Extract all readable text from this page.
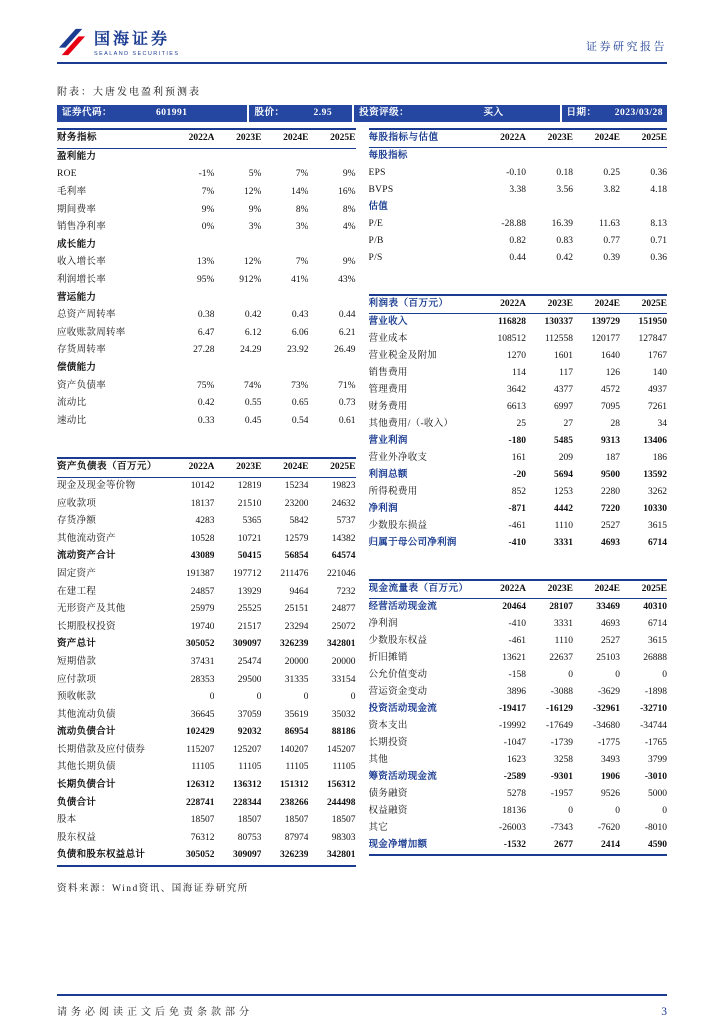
国海证券
SEALAND SECURITIES
证券研究报告
附表：大唐发电盈利预测表
证券代码：	601991	股价：	2.95	投资评级：	买入	日期： 2023/03/28
财务指标	2022A	2023E	2024E	2025E
盈利能力				
ROE	-1%	5%	7%	9%
毛利率	7%	12%	14%	16%
期间费率	9%	9%	8%	8%
销售净利率	0%	3%	3%	4%
成长能力				
收入增长率	13%	12%	7%	9%
利润增长率	95%	912%	41%	43%
营运能力				
总资产周转率	0.38	0.42	0.43	0.44
应收账款周转率	6.47	6.12	6.06	6.21
存货周转率	27.28	24.29	23.92	26.49
偿债能力				
资产负债率	75%	74%	73%	71%
流动比	0.42	0.55	0.65	0.73
速动比	0.33	0.45	0.54	0.61
资产负债表（百万元）	2022A	2023E	2024E	2025E
现金及现金等价物	10142	12819	15234	19823
应收款项	18137	21510	23200	24632
存货净额	4283	5365	5842	5737
其他流动资产	10528	10721	12579	14382
流动资产合计	43089	50415	56854	64574
固定资产	191387	197712	211476	221046
在建工程	24857	13929	9464	7232
无形资产及其他	25979	25525	25151	24877
长期股权投资	19740	21517	23294	25072
资产总计	305052	309097	326239	342801
短期借款	37431	25474	20000	20000
应付款项	28353	29500	31335	33154
预收帐款	0	0	0	0
其他流动负债	36645	37059	35619	35032
流动负债合计	102429	92032	86954	88186
长期借款及应付债券	115207	125207	140207	145207
其他长期负债	11105	11105	11105	11105
长期负债合计	126312	136312	151312	156312
负债合计	228741	228344	238266	244498
股本	18507	18507	18507	18507
股东权益	76312	80753	87974	98303
负债和股东权益总计	305052	309097	326239	342801
资料来源：Wind资讯、国海证券研究所
每股指标与估值	2022A	2023E	2024E	2025E
每股指标				
EPS	-0.10	0.18	0.25	0.36
BVPS	3.38	3.56	3.82	4.18
估值				
P/E	-28.88	16.39	11.63	8.13
P/B	0.82	0.83	0.77	0.71
P/S	0.44	0.42	0.39	0.36
利润表（百万元）	2022A	2023E	2024E	2025E
营业收入	116828	130337	139729	151950
营业成本	108512	112558	120177	127847
营业税金及附加	1270	1601	1640	1767
销售费用	114	117	126	140
管理费用	3642	4377	4572	4937
财务费用	6613	6997	7095	7261
其他费用/（-收入）	25	27	28	34
营业利润	-180	5485	9313	13406
营业外净收支	161	209	187	186
利润总额	-20	5694	9500	13592
所得税费用	852	1253	2280	3262
净利润	-871	4442	7220	10330
少数股东损益	-461	1110	2527	3615
归属于母公司净利润	-410	3331	4693	6714
现金流量表（百万元）	2022A	2023E	2024E	2025E
经营活动现金流	20464	28107	33469	40310
净利润	-410	3331	4693	6714
少数股东权益	-461	1110	2527	3615
折旧摊销	13621	22637	25103	26888
公允价值变动	-158	0	0	0
营运资金变动	3896	-3088	-3629	-1898
投资活动现金流	-19417	-16129	-32961	-32710
资本支出	-19992	-17649	-34680	-34744
长期投资	-1047	-1739	-1775	-1765
其他	1623	3258	3493	3799
筹资活动现金流	-2589	-9301	1906	-3010
债务融资	5278	-1957	9526	5000
权益融资	18136	0	0	0
其它	-26003	-7343	-7620	-8010
现金净增加额	-1532	2677	2414	4590
请务必阅读正文后免责条款部分	3
